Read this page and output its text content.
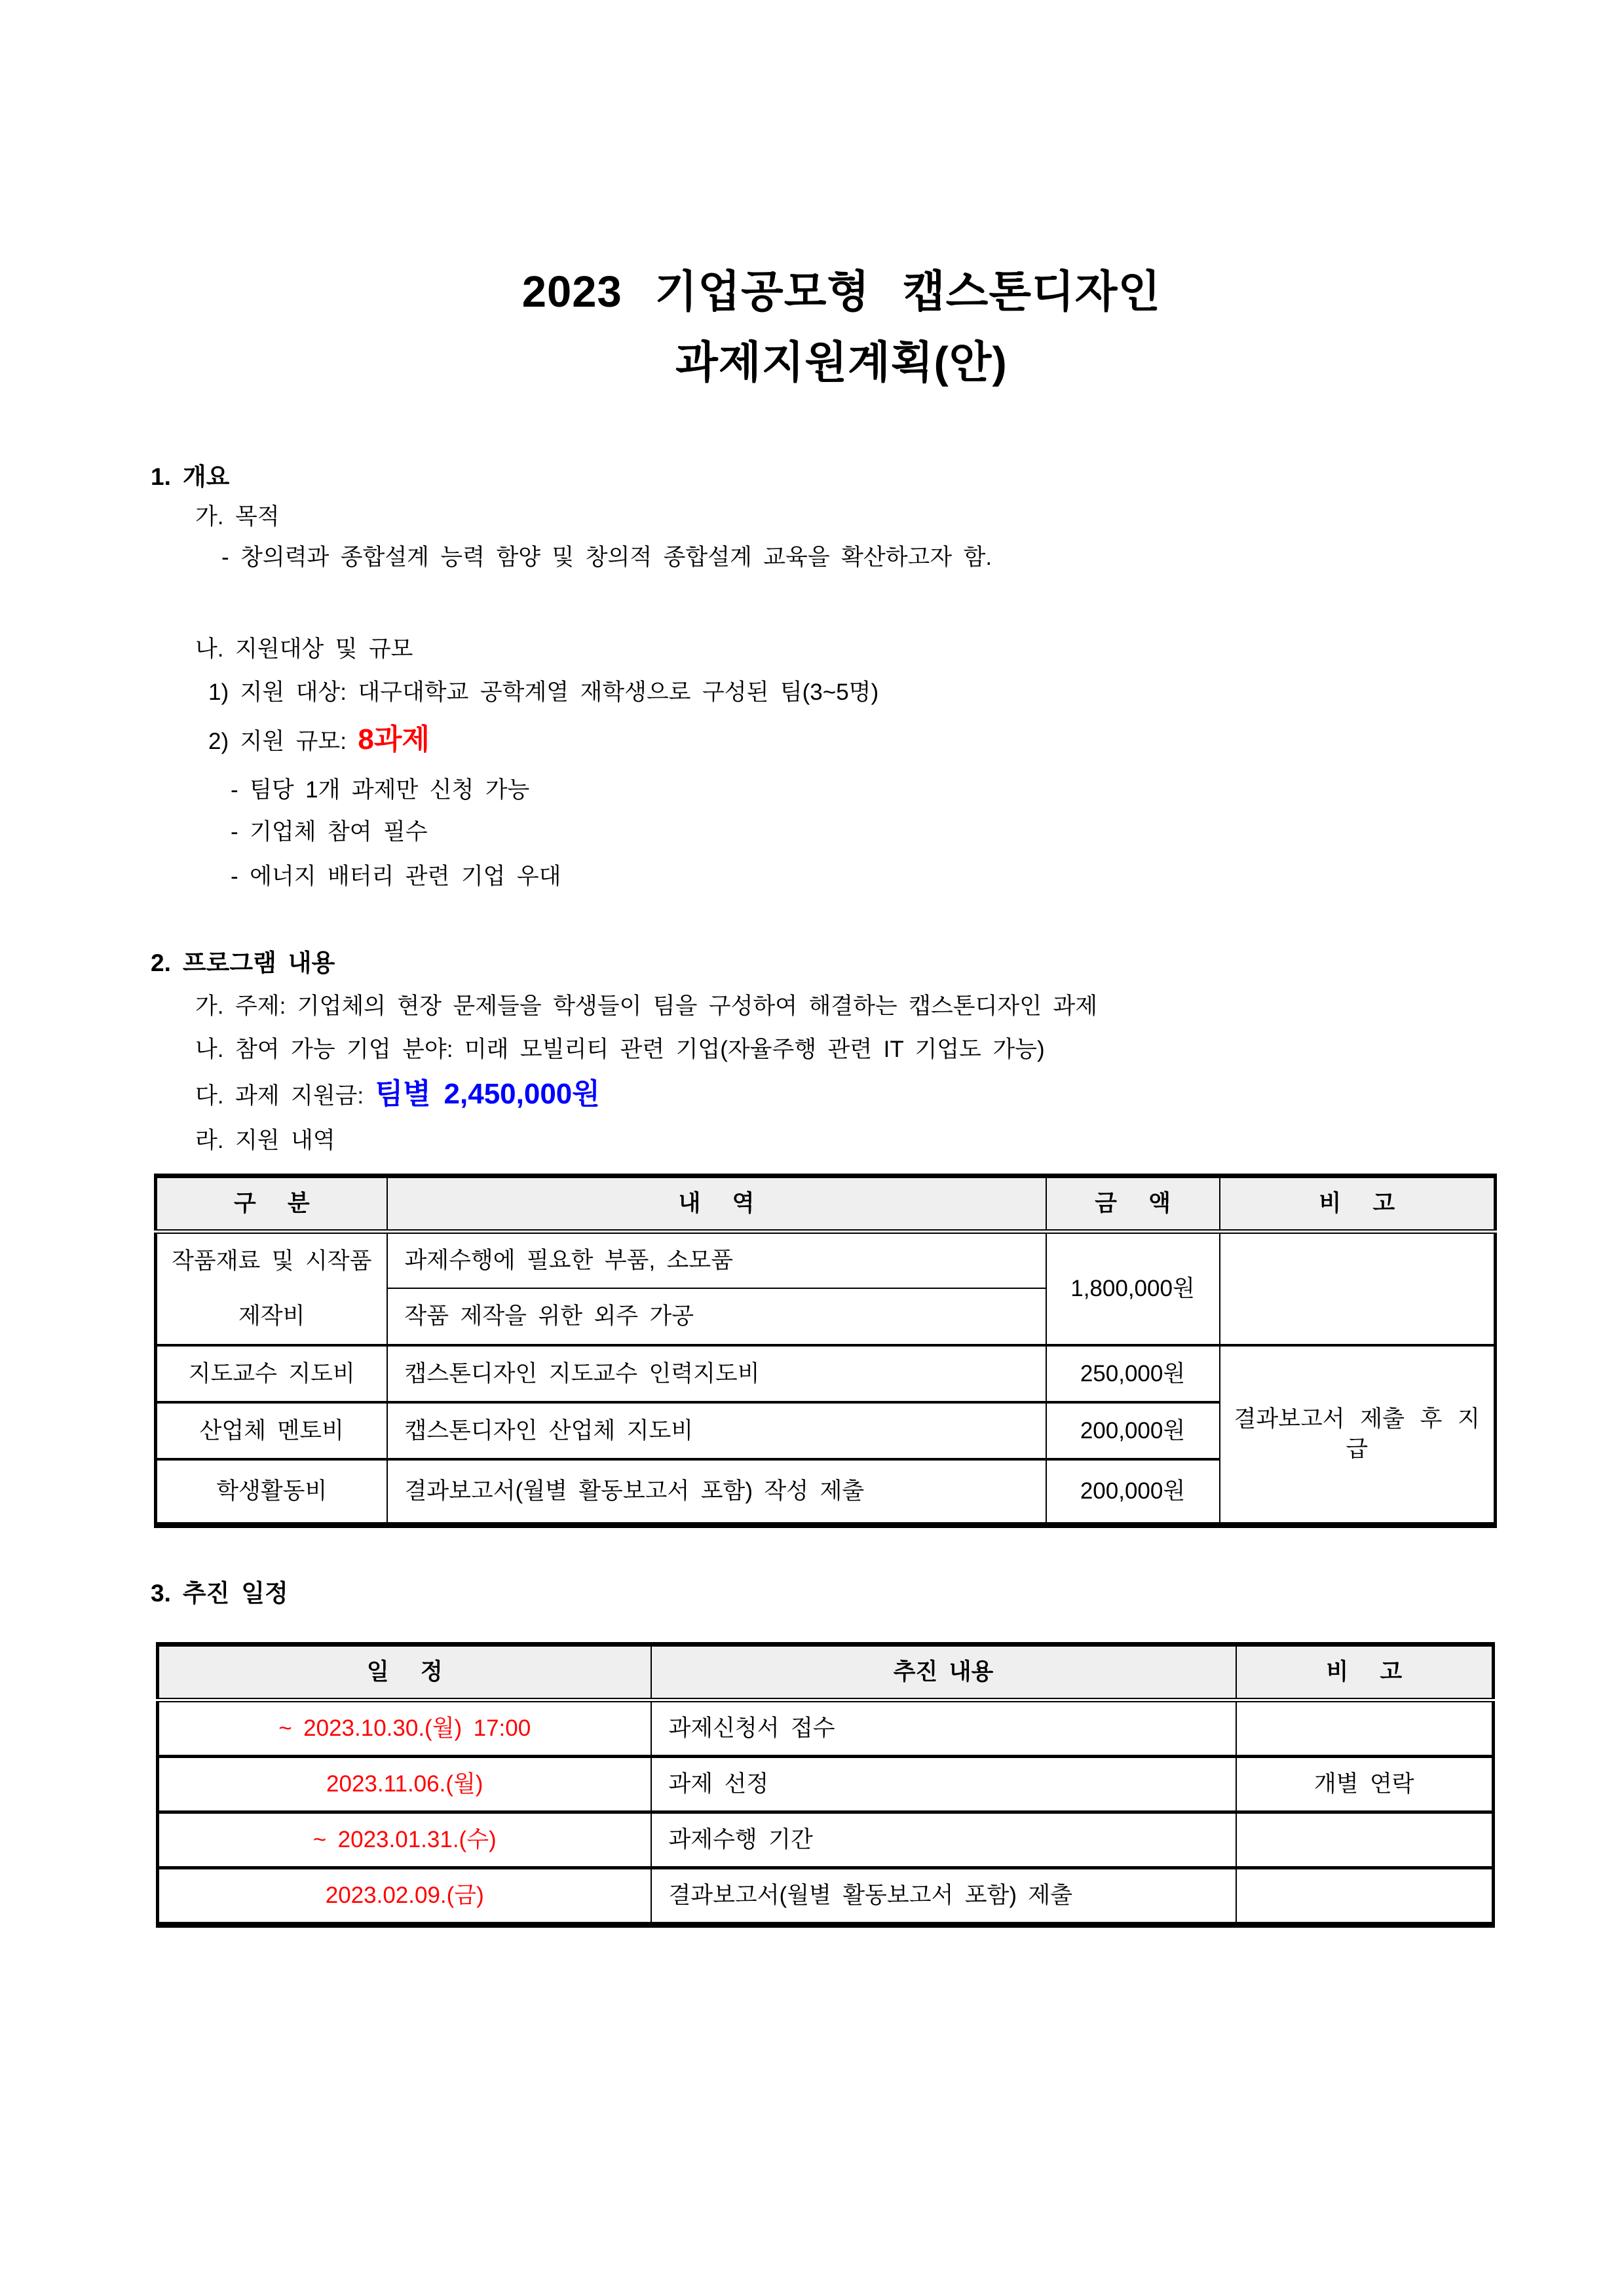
2023 기업공모형 캡스톤디자인
과제지원계획(안)
1. 개요
가. 목적
- 창의력과 종합설계 능력 함양 및 창의적 종합설계 교육을 확산하고자 함.
나. 지원대상 및 규모
1) 지원 대상: 대구대학교 공학계열 재학생으로 구성된 팀(3~5명)
2) 지원 규모: 8과제
- 팀당 1개 과제만 신청 가능
- 기업체 참여 필수
- 에너지 배터리 관련 기업 우대
2. 프로그램 내용
가. 주제: 기업체의 현장 문제들을 학생들이 팀을 구성하여 해결하는 캡스톤디자인 과제
나. 참여 가능 기업 분야: 미래 모빌리티 관련 기업(자율주행 관련 IT 기업도 가능)
다. 과제 지원금: 팀별 2,450,000원
라. 지원 내역
구 분	내 역	금 액	비 고
작품재료 및 시작품제작비	과제수행에 필요한 부품, 소모품	1,800,000원	
	작품 제작을 위한 외주 가공		
지도교수 지도비	캡스톤디자인 지도교수 인력지도비	250,000원	결과보고서 제출 후 지급
산업체 멘토비	캡스톤디자인 산업체 지도비	200,000원	
학생활동비	결과보고서(월별 활동보고서 포함) 작성 제출	200,000원	
3. 추진 일정
일 정	추진 내용	비 고
~ 2023.10.30.(월) 17:00	과제신청서 접수	
2023.11.06.(월)	과제 선정	개별 연락
~ 2023.01.31.(수)	과제수행 기간	
2023.02.09.(금)	결과보고서(월별 활동보고서 포함) 제출	
